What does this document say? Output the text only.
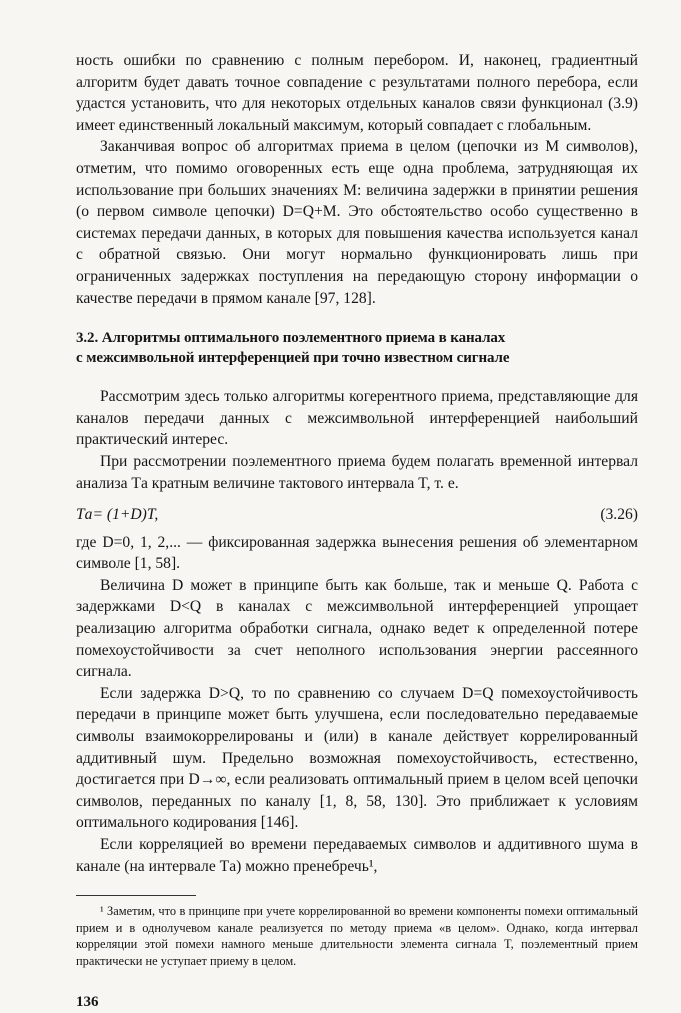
ность ошибки по сравнению с полным перебором. И, наконец, градиентный алгоритм будет давать точное совпадение с результатами полного перебора, если удастся установить, что для некоторых отдельных каналов связи функционал (3.9) имеет единственный локальный максимум, который совпадает с глобальным.

Заканчивая вопрос об алгоритмах приема в целом (цепочки из M символов), отметим, что помимо оговоренных есть еще одна проблема, затрудняющая их использование при больших значениях M: величина задержки в принятии решения (о первом символе цепочки) D=Q+M. Это обстоятельство особо существенно в системах передачи данных, в которых для повышения качества используется канал с обратной связью. Они могут нормально функционировать лишь при ограниченных задержках поступления на передающую сторону информации о качестве передачи в прямом канале [97, 128].

3.2. Алгоритмы оптимального поэлементного приема в каналах
с межсимвольной интерференцией при точно известном сигнале

Рассмотрим здесь только алгоритмы когерентного приема, представляющие для каналов передачи данных с межсимвольной интерференцией наибольший практический интерес.

При рассмотрении поэлементного приема будем полагать временной интервал анализа Tа кратным величине тактового интервала T, т. е.

Tа= (1+D)T,	(3.26)

где D=0, 1, 2,... — фиксированная задержка вынесения решения об элементарном символе [1, 58].

Величина D может в принципе быть как больше, так и меньше Q. Работа с задержками D<Q в каналах с межсимвольной интерференцией упрощает реализацию алгоритма обработки сигнала, однако ведет к определенной потере помехоустойчивости за счет неполного использования энергии рассеянного сигнала.

Если задержка D>Q, то по сравнению со случаем D=Q помехоустойчивость передачи в принципе может быть улучшена, если последовательно передаваемые символы взаимокоррелированы и (или) в канале действует коррелированный аддитивный шум. Предельно возможная помехоустойчивость, естественно, достигается при D→∞, если реализовать оптимальный прием в целом всей цепочки символов, переданных по каналу [1, 8, 58, 130]. Это приближает к условиям оптимального кодирования [146].

Если корреляцией во времени передаваемых символов и аддитивного шума в канале (на интервале Tа) можно пренебречь¹,

¹ Заметим, что в принципе при учете коррелированной во времени компоненты помехи оптимальный прием и в однолучевом канале реализуется по методу приема «в целом». Однако, когда интервал корреляции этой помехи намного меньше длительности элемента сигнала T, поэлементный прием практически не уступает приему в целом.

136
